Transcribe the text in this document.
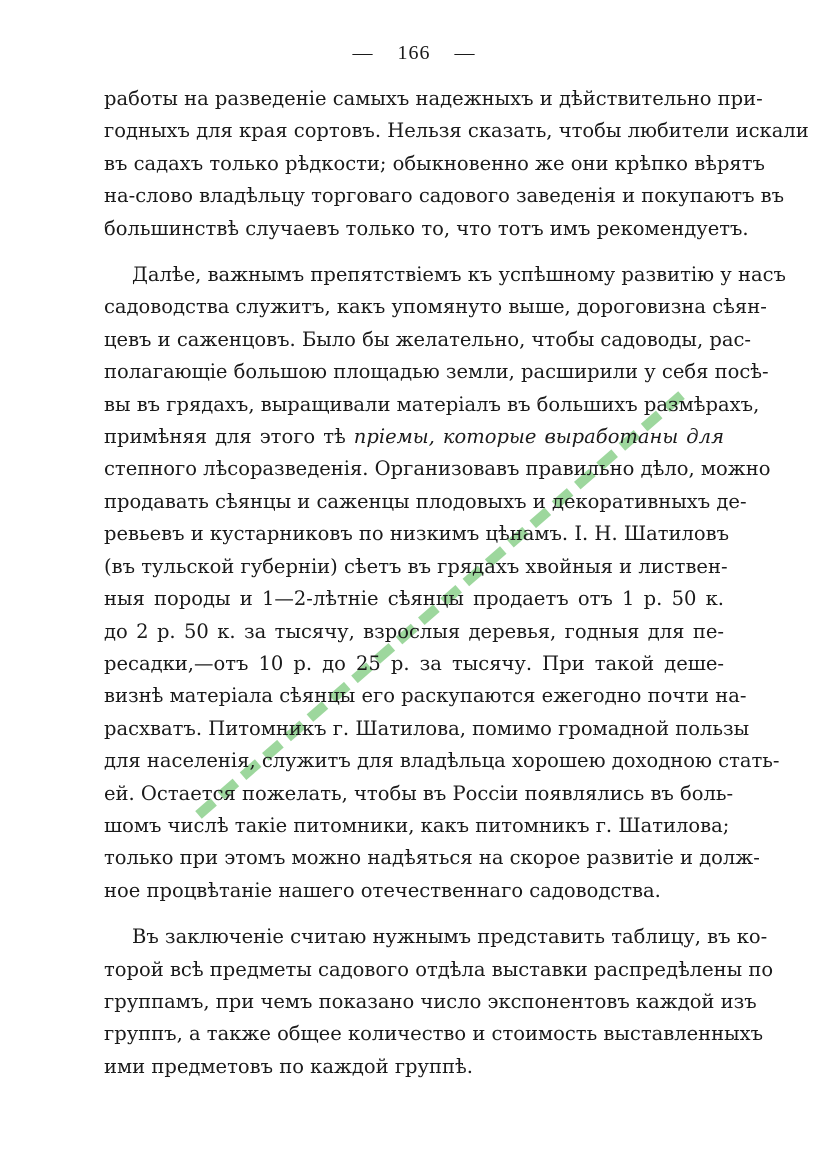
— 166 —

работы на разведеніе самыхъ надежныхъ и дѣйствительно при-
годныхъ для края сортовъ. Нельзя сказать, чтобы любители искали
въ садахъ только рѣдкости; обыкновенно же они крѣпко вѣрятъ
на-слово владѣльцу торговаго садового заведенія и покупаютъ въ
большинствѣ случаевъ только то, что тотъ имъ рекомендуетъ.

Далѣе, важнымъ препятствіемъ къ успѣшному развитію у насъ
садоводства служитъ, какъ упомянуто выше, дороговизна сѣян-
цевъ и саженцовъ. Было бы желательно, чтобы садоводы, рас-
полагающіе большою площадью земли, расширили у себя посѣ-
вы въ грядахъ, выращивали матеріалъ въ большихъ размѣрахъ,
примѣняя для этого тѣ пріемы, которые выработаны для
степного лѣсоразведенія. Организовавъ правильно дѣло, можно
продавать сѣянцы и саженцы плодовыхъ и декоративныхъ де-
ревьевъ и кустарниковъ по низкимъ цѣнамъ. I. Н. Шатиловъ
(въ тульской губерніи) сѣетъ въ грядахъ хвойныя и листвен-
ныя породы и 1—2-лѣтніе сѣянцы продаетъ отъ 1 р. 50 к.
до 2 р. 50 к. за тысячу, взрослыя деревья, годныя для пе-
ресадки,—отъ 10 р. до 25 р. за тысячу. При такой дешe-
визнѣ матеріала сѣянцы его раскупаются ежегодно почти на-
расхватъ. Питомникъ г. Шатилова, помимо громадной пользы
для населенія, служитъ для владѣльца хорошею доходною стать-
ей. Остается пожелать, чтобы въ Россіи появлялись въ боль-
шомъ числѣ такіе питомники, какъ питомникъ г. Шатилова;
только при этомъ можно надѣяться на скорое развитіе и долж-
ное процвѣтаніе нашего отечественнаго садоводства.

Въ заключеніе считаю нужнымъ представить таблицу, въ ко-
торой всѣ предметы садового отдѣла выставки распредѣлены по
группамъ, при чемъ показано число экспонентовъ каждой изъ
группъ, а также общее количество и стоимость выставленныхъ
ими предметовъ по каждой группѣ.
